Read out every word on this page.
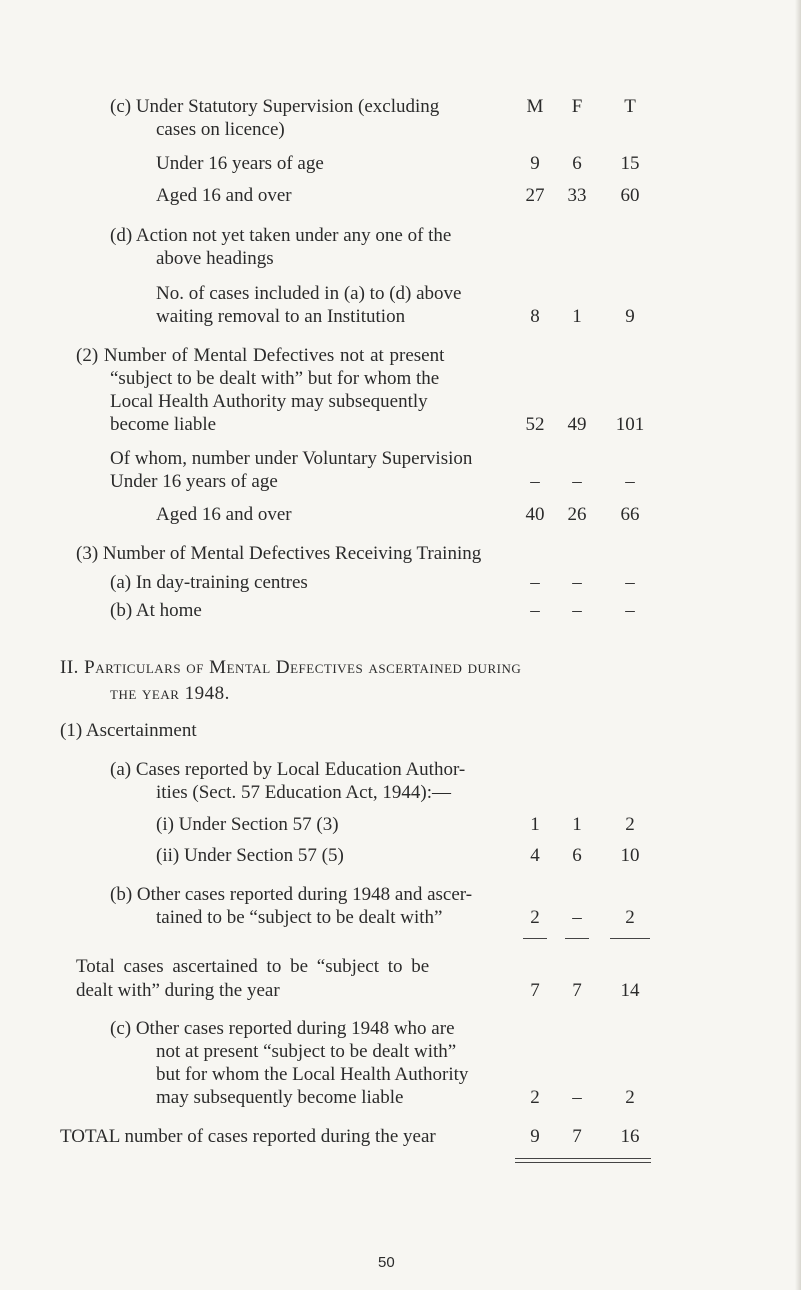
M	F	T
(c) Under Statutory Supervision (excluding
cases on licence)
Under 16 years of age	9	6	15
Aged 16 and over	27	33	60
(d) Action not yet taken under any one of the
above headings
No. of cases included in (a) to (d) above
waiting removal to an Institution	8	1	9
(2) Number of Mental Defectives not at present
“subject to be dealt with” but for whom the
Local Health Authority may subsequently
become liable	52	49	101
Of whom, number under Voluntary Supervision
Under 16 years of age	–	–	–
Aged 16 and over	40	26	66
(3) Number of Mental Defectives Receiving Training
(a) In day-training centres	–	–	–
(b) At home	–	–	–
II. Particulars of Mental Defectives ascertained during
the year 1948.
(1) Ascertainment
(a) Cases reported by Local Education Author-
ities (Sect. 57 Education Act, 1944):—
(i) Under Section 57 (3)	1	1	2
(ii) Under Section 57 (5)	4	6	10
(b) Other cases reported during 1948 and ascer-
tained to be “subject to be dealt with”	2	–	2
Total cases ascertained to be “subject to be
dealt with” during the year	7	7	14
(c) Other cases reported during 1948 who are
not at present “subject to be dealt with”
but for whom the Local Health Authority
may subsequently become liable	2	–	2
TOTAL number of cases reported during the year	9	7	16
50
